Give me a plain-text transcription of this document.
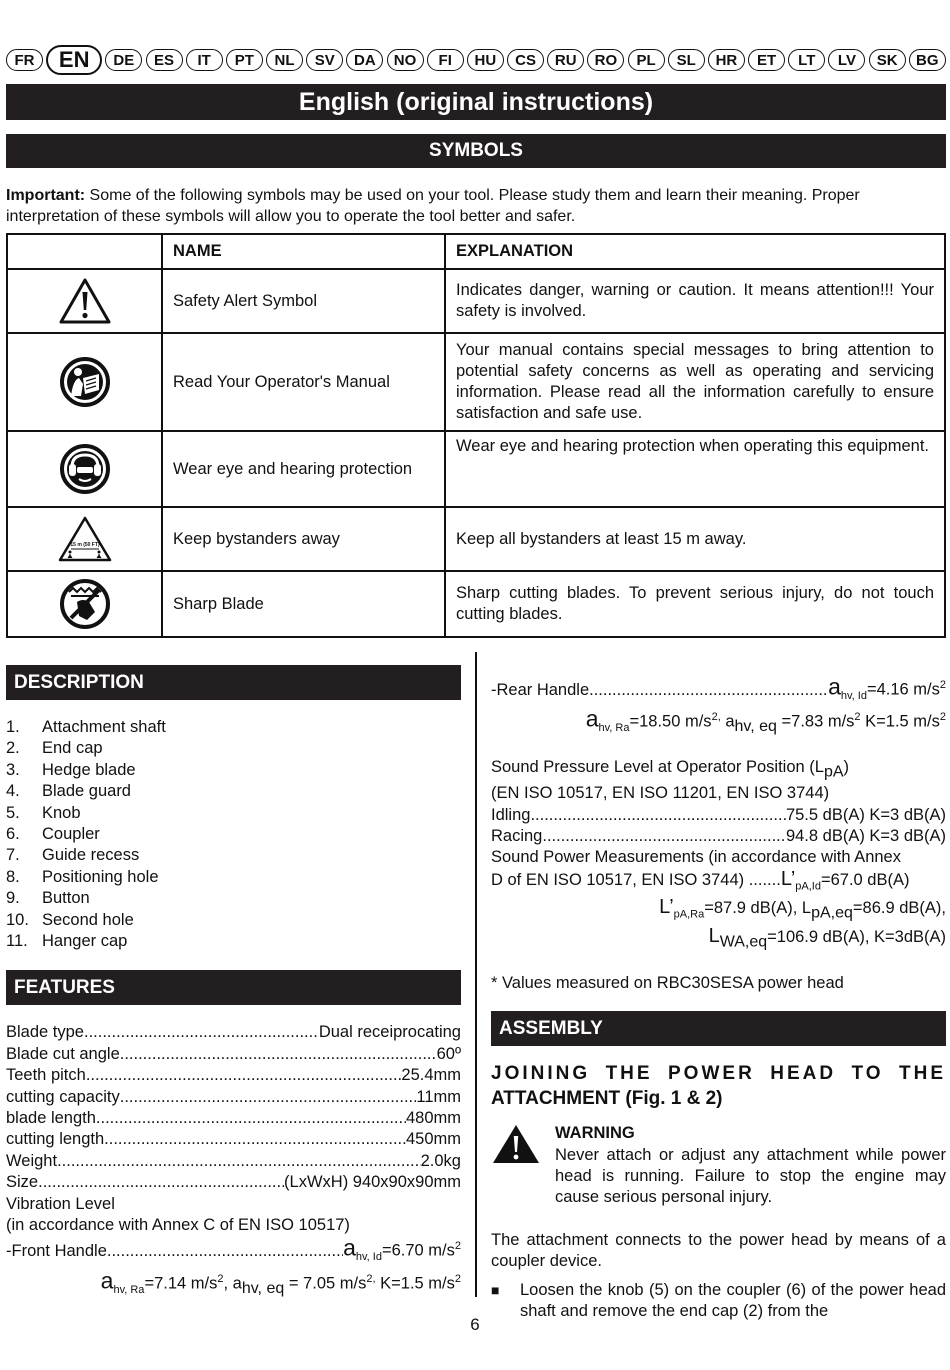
FR	EN	DE	ES	IT	PT	NL	SV	DA	NO	FI	HU	CS	RU	RO	PL	SL	HR	ET	LT	LV	SK	BG
English (original instructions)
SYMBOLS
Important: Some of the following symbols may be used on your tool. Please study them and learn their meaning. Proper interpretation of these symbols will allow you to operate the tool better and safer.
	NAME	EXPLANATION

	Safety Alert Symbol	Indicates danger, warning or caution. It means attention!!! Your safety is involved.

	Read Your Operator's Manual	Your manual contains special messages to bring attention to potential safety concerns as well as operating and servicing information. Please read all the information carefully to ensure satisfaction and safe use.

	Wear eye and hearing protection	Wear eye and hearing protection when operating this equipment.

15 m (50 FT)	Keep bystanders away	Keep all bystanders at least 15 m away.

	Sharp Blade	Sharp cutting blades. To prevent serious injury, do not touch cutting blades.
DESCRIPTION
1.	Attachment shaft
2.	End cap
3.	Hedge blade
4.	Blade guard
5.	Knob
6.	Coupler
7.	Guide recess
8.	Positioning hole
9.	Button
10. Second hole
11. Hanger cap
FEATURES
Blade type .....	Dual receiprocating
Blade cut angle .....	60º
Teeth pitch .....	25.4mm
cutting capacity .....	11mm
blade length .....	480mm
cutting length .....	450mm
Weight .....	2.0kg
Size .....	(LxWxH) 940x90x90mm
Vibration Level
(in accordance with Annex C of EN ISO 10517)
-Front Handle .....	$a_{hv, Id}=6.70$ $m/s^2$
$a_{hv, Ra}=7.14$ $m/s^2$, $a_{hv, eq} = 7.05$ $m/s^{2,}$ K=1.5 $m/s^2$
-Rear Handle .....	$a_{hv, Id}=4.16$ $m/s^2$
$a_{hv, Ra}=18.50$ $m/s^{2,}$ $a_{hv, eq} =7.83$ $m/s^2$ K=1.5 $m/s^2$
Sound Pressure Level at Operator Position $(L_{pA})$
(EN ISO 10517, EN ISO 11201, EN ISO 3744)
Idling .....	75.5 dB(A) K=3 dB(A)
Racing .....	94.8 dB(A) K=3 dB(A)
Sound Power Measurements (in accordance with Annex
D of EN ISO 10517, EN ISO 3744) $.......L’_{pA,Id}=67.0$ dB(A)
$L’_{pA,Ra}=87.9$ dB(A), $L_{pA,eq}=86.9$ dB(A),
$L_{WA,eq}=106.9$ dB(A), K=3dB(A)
* Values measured on RBC30SESA power head
ASSEMBLY
JOINING THE POWER HEAD TO THE
ATTACHMENT (Fig. 1 & 2)
WARNING
Never attach or adjust any attachment while power head is running. Failure to stop the engine may cause serious personal injury.
The attachment connects to the power head by means of a coupler device.
■	Loosen the knob (5) on the coupler (6) of the power head shaft and remove the end cap (2) from the
6
